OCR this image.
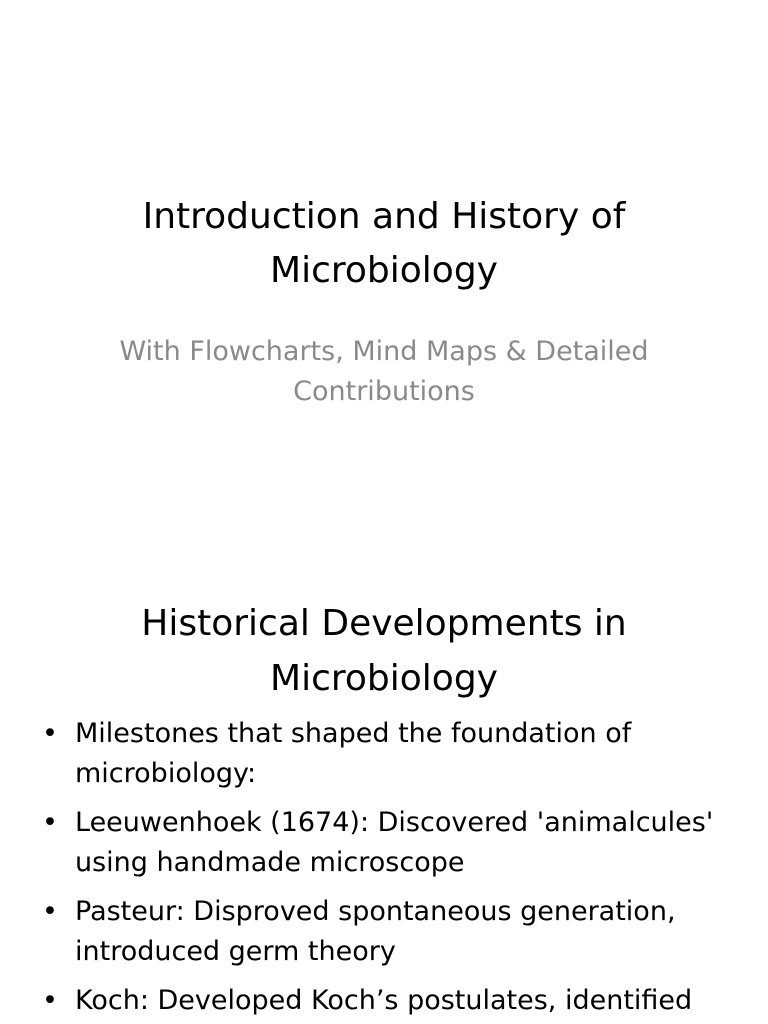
Introduction and History of Microbiology

With Flowcharts, Mind Maps & Detailed Contributions

Historical Developments in Microbiology
• Milestones that shaped the foundation of microbiology:
• Leeuwenhoek (1674): Discovered 'animalcules' using handmade microscope
• Pasteur: Disproved spontaneous generation, introduced germ theory
• Koch: Developed Koch’s postulates, identified
